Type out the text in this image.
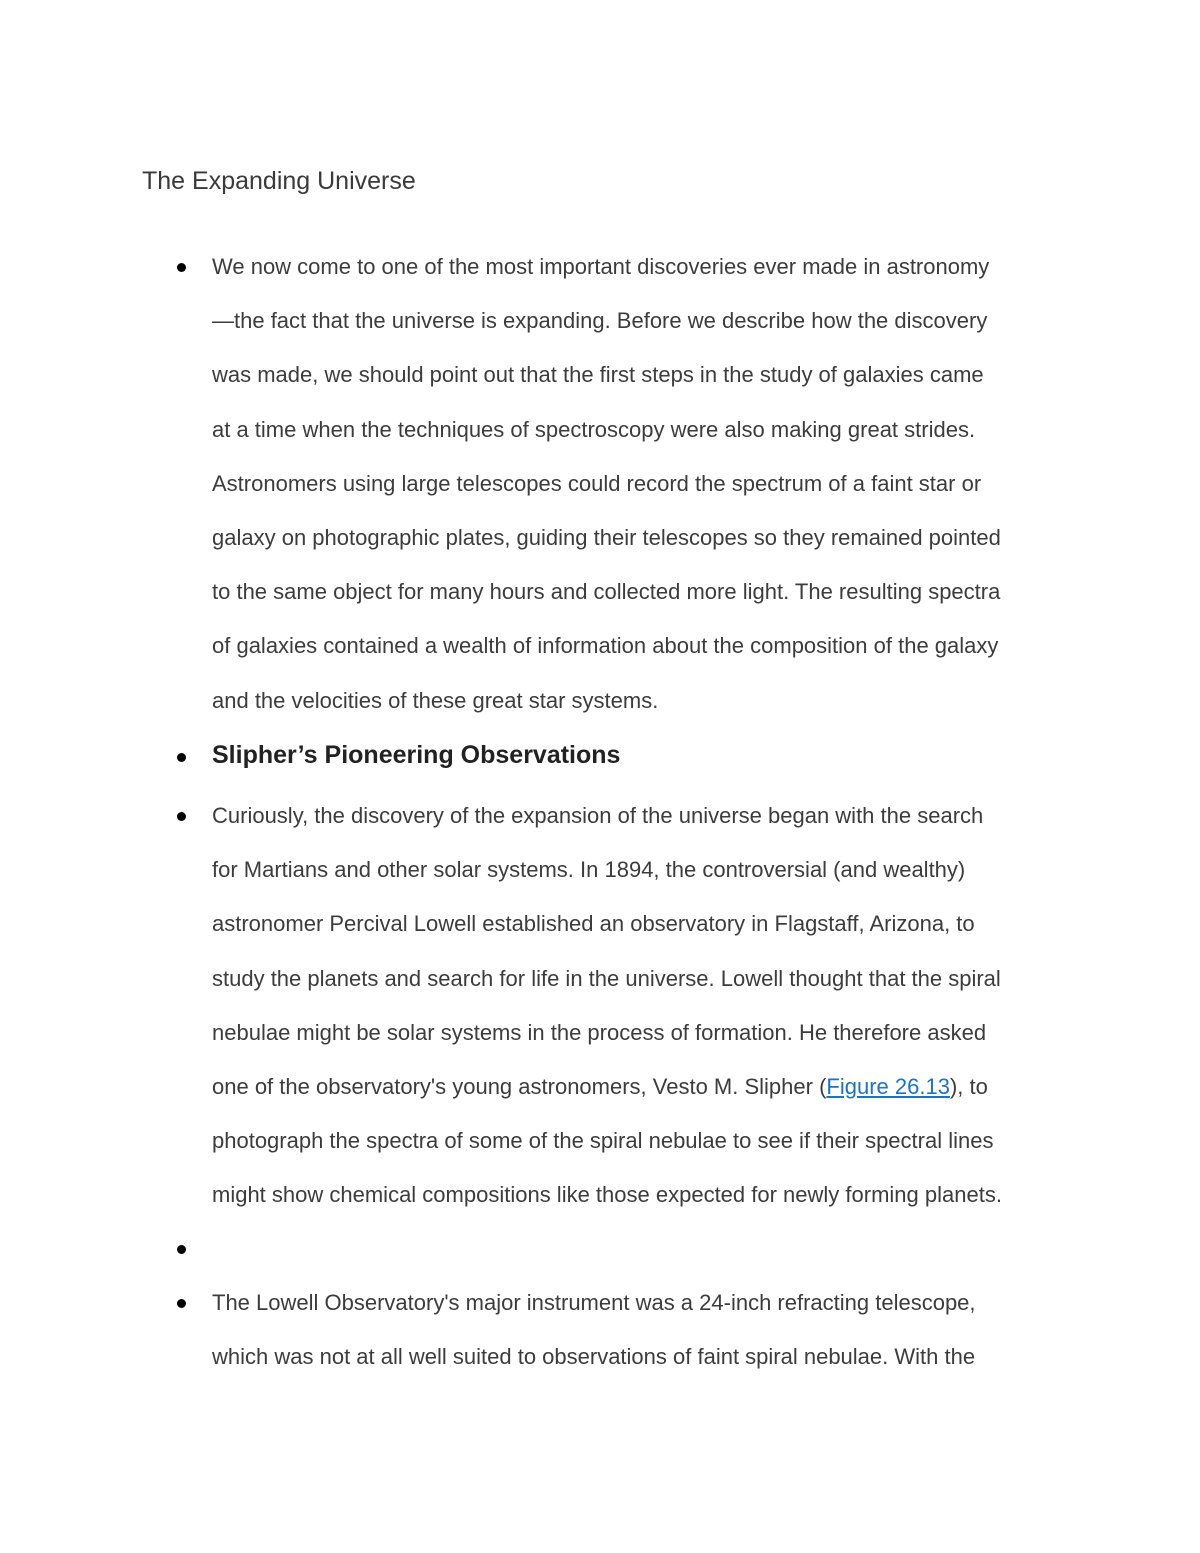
The Expanding Universe
We now come to one of the most important discoveries ever made in astronomy
—the fact that the universe is expanding. Before we describe how the discovery
was made, we should point out that the first steps in the study of galaxies came
at a time when the techniques of spectroscopy were also making great strides.
Astronomers using large telescopes could record the spectrum of a faint star or
galaxy on photographic plates, guiding their telescopes so they remained pointed
to the same object for many hours and collected more light. The resulting spectra
of galaxies contained a wealth of information about the composition of the galaxy
and the velocities of these great star systems.
Slipher’s Pioneering Observations
Curiously, the discovery of the expansion of the universe began with the search
for Martians and other solar systems. In 1894, the controversial (and wealthy)
astronomer Percival Lowell established an observatory in Flagstaff, Arizona, to
study the planets and search for life in the universe. Lowell thought that the spiral
nebulae might be solar systems in the process of formation. He therefore asked
one of the observatory's young astronomers, Vesto M. Slipher (Figure 26.13), to
photograph the spectra of some of the spiral nebulae to see if their spectral lines
might show chemical compositions like those expected for newly forming planets.
The Lowell Observatory's major instrument was a 24-inch refracting telescope,
which was not at all well suited to observations of faint spiral nebulae. With the
